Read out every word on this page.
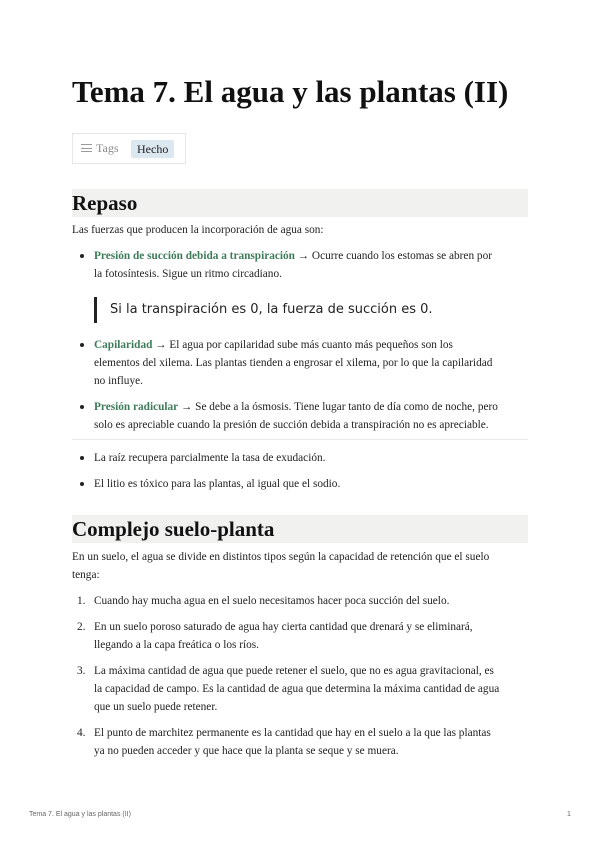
Tema 7. El agua y las plantas (II)
Tags	Hecho
Repaso

Las fuerzas que producen la incorporación de agua son:

Presión de succión debida a transpiración → Ocurre cuando los estomas se abren por
la fotosíntesis. Sigue un ritmo circadiano.
Si la transpiración es 0, la fuerza de succión es 0.
Capilaridad → El agua por capilaridad sube más cuanto más pequeños son los
elementos del xilema. Las plantas tienden a engrosar el xilema, por lo que la capilaridad
no influye.
Presión radicular → Se debe a la ósmosis. Tiene lugar tanto de día como de noche, pero
solo es apreciable cuando la presión de succión debida a transpiración no es apreciable.
La raíz recupera parcialmente la tasa de exudación.
El litio es tóxico para las plantas, al igual que el sodio.
Complejo suelo-planta

En un suelo, el agua se divide en distintos tipos según la capacidad de retención que el suelo
tenga:

1. Cuando hay mucha agua en el suelo necesitamos hacer poca succión del suelo.
2. En un suelo poroso saturado de agua hay cierta cantidad que drenará y se eliminará,
llegando a la capa freática o los ríos.
3. La máxima cantidad de agua que puede retener el suelo, que no es agua gravitacional, es
la capacidad de campo. Es la cantidad de agua que determina la máxima cantidad de agua
que un suelo puede retener.
4. El punto de marchitez permanente es la cantidad que hay en el suelo a la que las plantas
ya no pueden acceder y que hace que la planta se seque y se muera.
Tema 7. El agua y las plantas (II)	1
